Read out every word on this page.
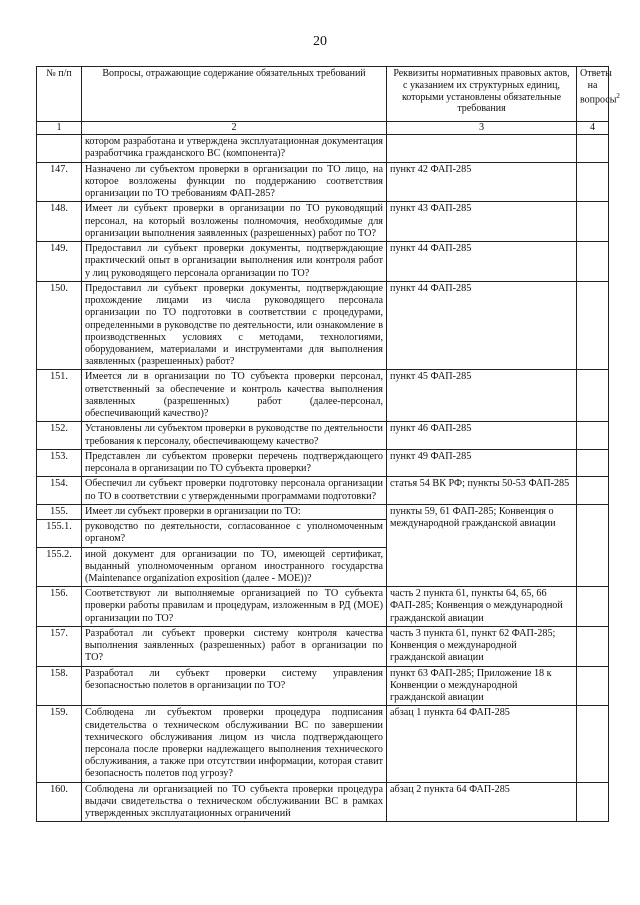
20
№ п/п	Вопросы, отражающие содержание обязательных требований	Реквизиты нормативных правовых актов, с указанием их структурных единиц, которыми установлены обязательные требования	Ответы на вопросы$^2$
1	2	3	4
	котором разработана и утверждена эксплуатационная документация разработчика гражданского ВС (компонента)?		
147.	Назначено ли субъектом проверки в организации по ТО лицо, на которое возложены функции по поддержанию соответствия организации по ТО требованиям ФАП-285?	пункт 42 ФАП-285	
148.	Имеет ли субъект проверки в организации по ТО руководящий персонал, на который возложены полномочия, необходимые для организации выполнения заявленных (разрешенных) работ по ТО?	пункт 43 ФАП-285	
149.	Предоставил ли субъект проверки документы, подтверждающие практический опыт в организации выполнения или контроля работ у лиц руководящего персонала организации по ТО?	пункт 44 ФАП-285	
150.	Предоставил ли субъект проверки документы, подтверждающие прохождение лицами из числа руководящего персонала организации по ТО подготовки в соответствии с процедурами, определенными в руководстве по деятельности, или ознакомление в производственных условиях с методами, технологиями, оборудованием, материалами и инструментами для выполнения заявленных (разрешенных) работ?	пункт 44 ФАП-285	
151.	Имеется ли в организации по ТО субъекта проверки персонал, ответственный за обеспечение и контроль качества выполнения заявленных (разрешенных) работ (далее-персонал, обеспечивающий качество)?	пункт 45 ФАП-285	
152.	Установлены ли субъектом проверки в руководстве по деятельности требования к персоналу, обеспечивающему качество?	пункт 46 ФАП-285	
153.	Представлен ли субъектом проверки перечень подтверждающего персонала в организации по ТО субъекта проверки?	пункт 49 ФАП-285	
154.	Обеспечил ли субъект проверки подготовку персонала организации по ТО в соответствии с утвержденными программами подготовки?	статья 54 ВК РФ; пункты 50-53 ФАП-285	
155.	Имеет ли субъект проверки в организации по ТО:	пункты 59, 61 ФАП-285; Конвенция о международной гражданской авиации	
155.1.	руководство по деятельности, согласованное с уполномоченным органом?		
155.2.	иной документ для организации по ТО, имеющей сертификат, выданный уполномоченным органом иностранного государства (Maintenance organization exposition (далее - MOE))?		
156.	Соответствуют ли выполняемые организацией по ТО субъекта проверки работы правилам и процедурам, изложенным в РД (MOE) организации по ТО?	часть 2 пункта 61, пункты 64, 65, 66 ФАП-285; Конвенция о международной гражданской авиации	
157.	Разработал ли субъект проверки систему контроля качества выполнения заявленных (разрешенных) работ в организации по ТО?	часть 3 пункта 61, пункт 62 ФАП-285; Конвенция о международной гражданской авиации	
158.	Разработал ли субъект проверки систему управления безопасностью полетов в организации по ТО?	пункт 63 ФАП-285; Приложение 18 к Конвенции о международной гражданской авиации	
159.	Соблюдена ли субъектом проверки процедура подписания свидетельства о техническом обслуживании ВС по завершении технического обслуживания лицом из числа подтверждающего персонала после проверки надлежащего выполнения технического обслуживания, а также при отсутствии информации, которая ставит безопасность полетов под угрозу?	абзац 1 пункта 64 ФАП-285	
160.	Соблюдена ли организацией по ТО субъекта проверки процедура выдачи свидетельства о техническом обслуживании ВС в рамках утвержденных эксплуатационных ограничений	абзац 2 пункта 64 ФАП-285	
